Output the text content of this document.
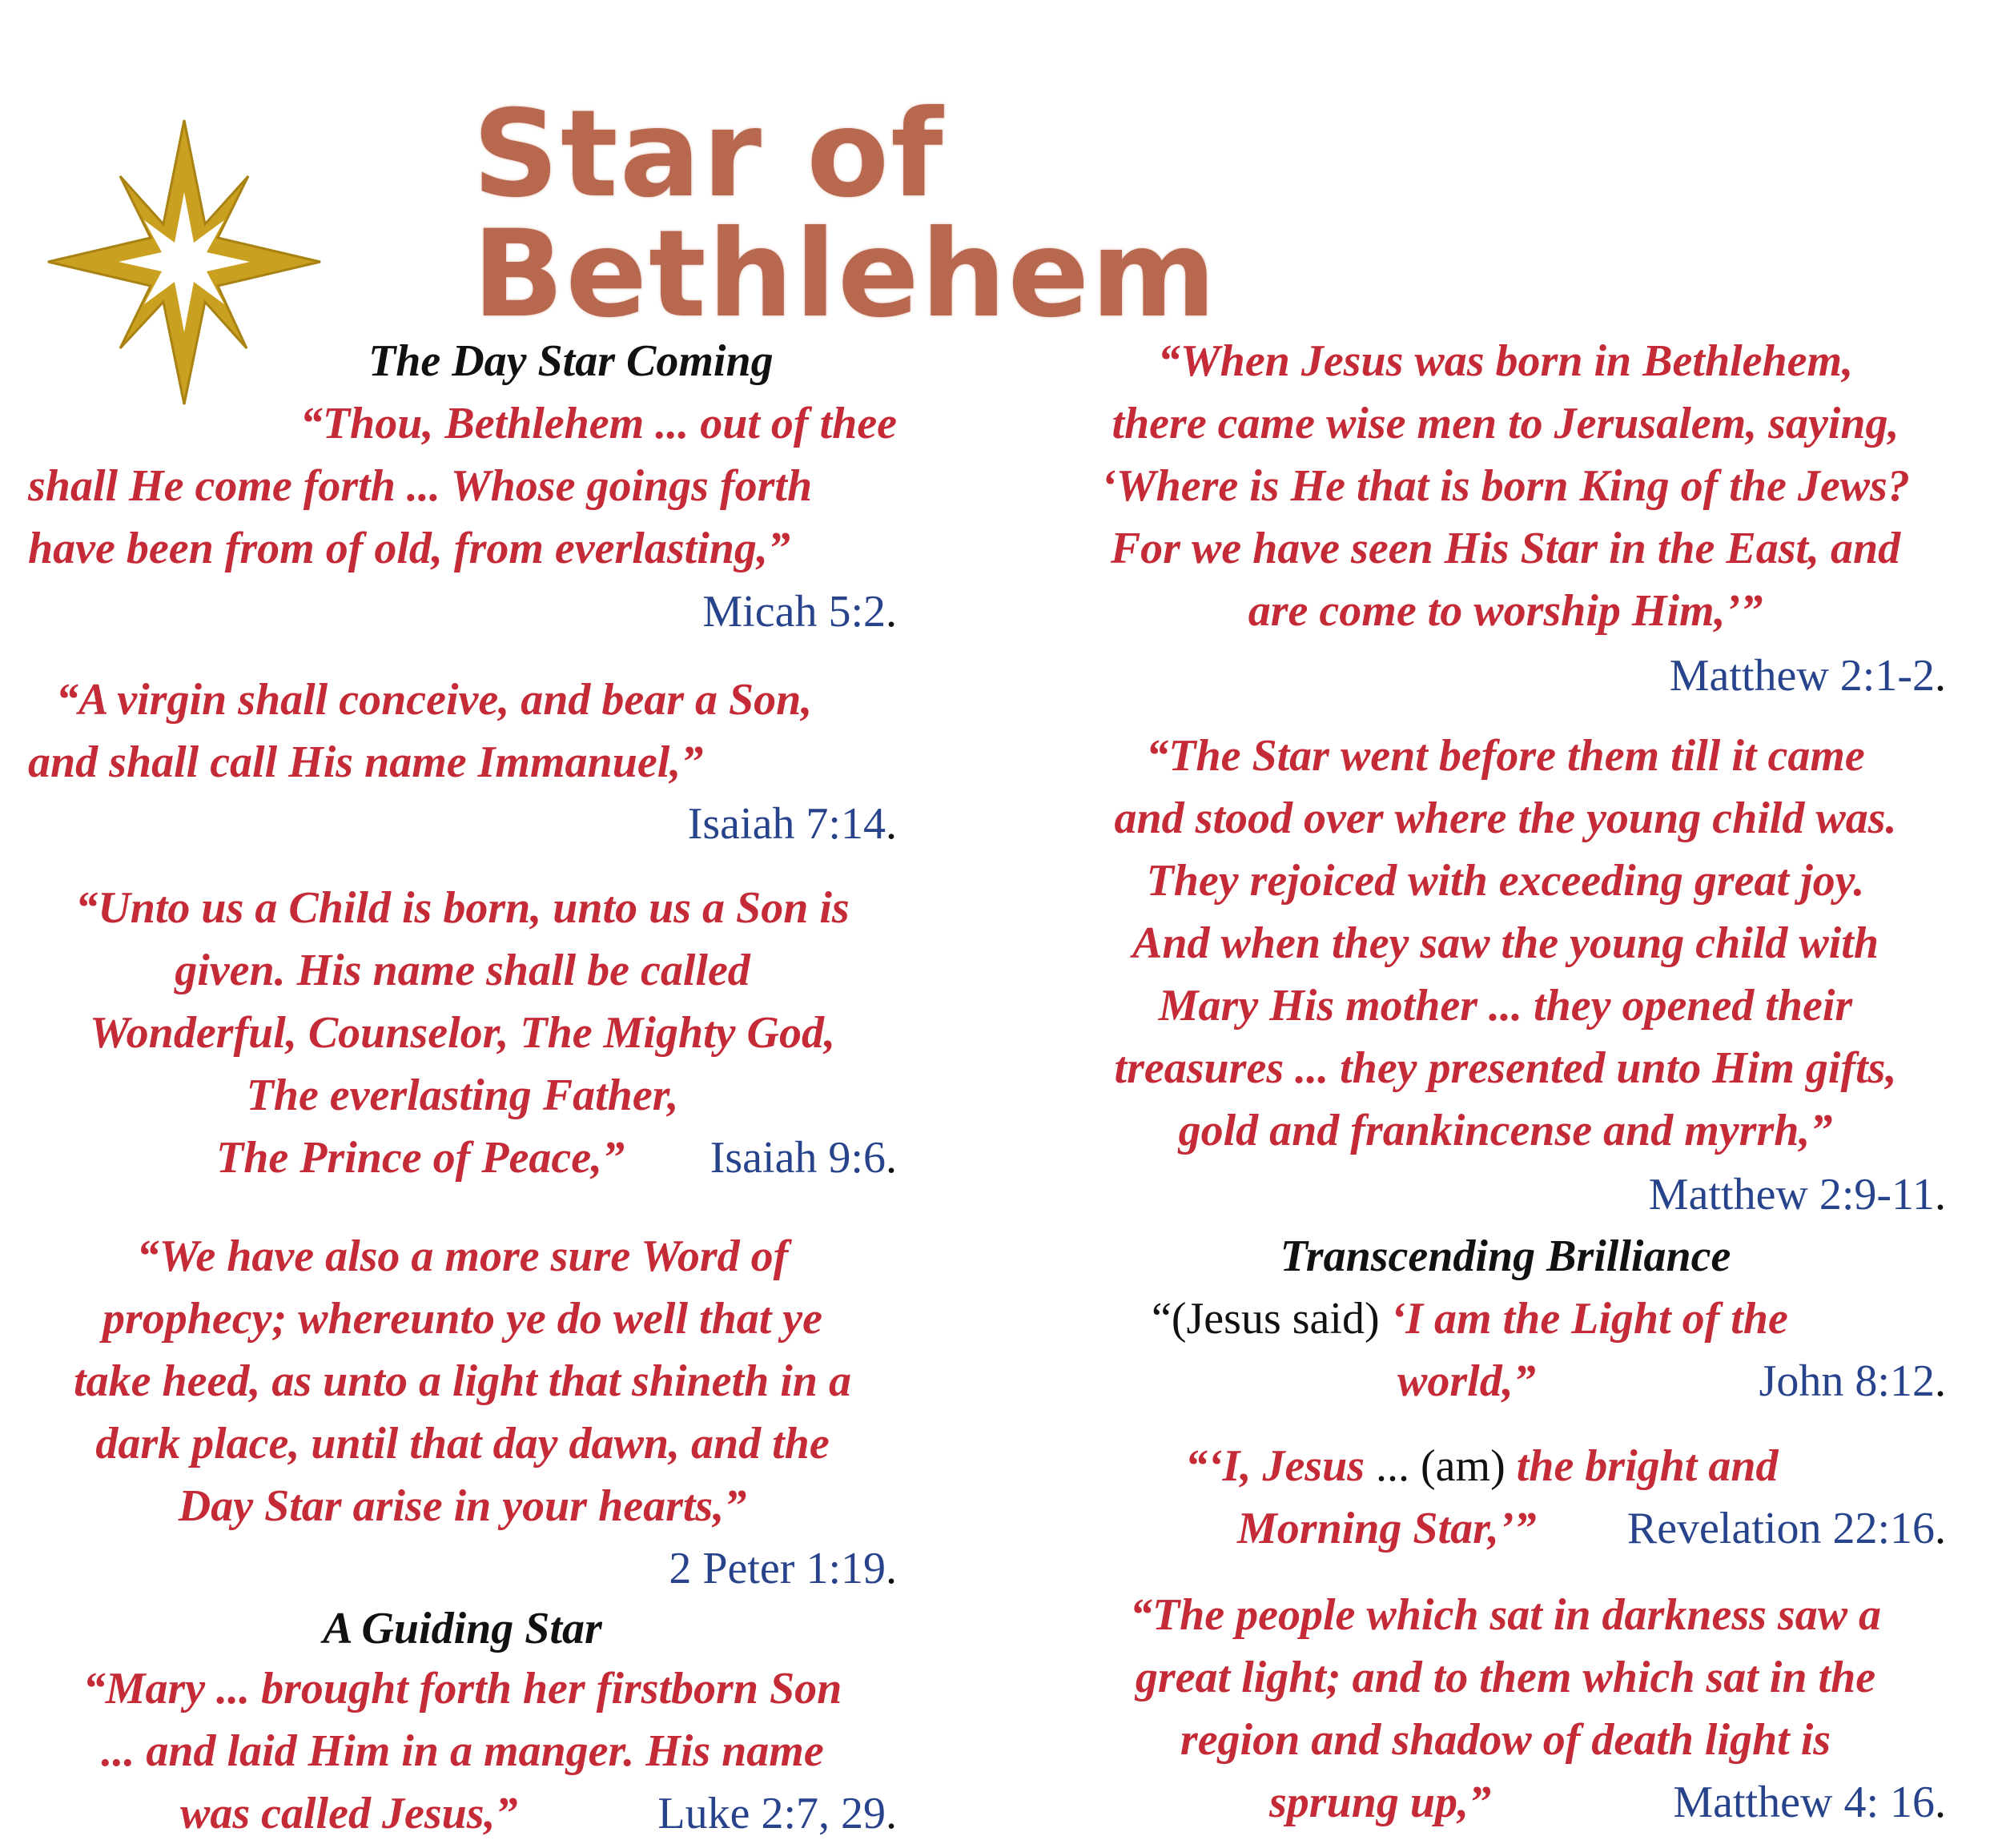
Star of Bethlehem
The Day Star Coming
“Thou, Bethlehem ... out of thee
shall He come forth ... Whose goings forth
have been from of old, from everlasting,”
Micah 5:2.
“A virgin shall conceive, and bear a Son,
and shall call His name Immanuel,”
Isaiah 7:14.
“Unto us a Child is born, unto us a Son is
given. His name shall be called
Wonderful, Counselor, The Mighty God,
The everlasting Father,
The Prince of Peace,”	Isaiah 9:6.
“We have also a more sure Word of
prophecy; whereunto ye do well that ye
take heed, as unto a light that shineth in a
dark place, until that day dawn, and the
Day Star arise in your hearts,”
2 Peter 1:19.
A Guiding Star
“Mary ... brought forth her firstborn Son
... and laid Him in a manger. His name
was called Jesus,”	Luke 2:7, 29.
“When Jesus was born in Bethlehem,
there came wise men to Jerusalem, saying,
‘Where is He that is born King of the Jews?
For we have seen His Star in the East, and
are come to worship Him,’”
Matthew 2:1-2.
“The Star went before them till it came
and stood over where the young child was.
They rejoiced with exceeding great joy.
And when they saw the young child with
Mary His mother ... they opened their
treasures ... they presented unto Him gifts,
gold and frankincense and myrrh,”
Matthew 2:9-11.
Transcending Brilliance
“(Jesus said) ‘I am the Light of the
world,”	John 8:12.
“‘I, Jesus ... (am) the bright and
Morning Star,’”	Revelation 22:16.
“The people which sat in darkness saw a
great light; and to them which sat in the
region and shadow of death light is
sprung up,”	Matthew 4: 16.
